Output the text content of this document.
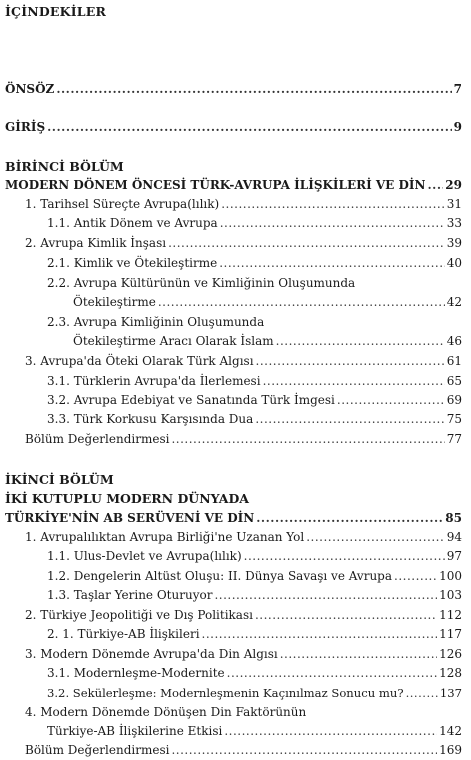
İÇİNDEKİLER
ÖNSÖZ .....	7
GİRİŞ .....	9
BİRİNCİ BÖLÜM
MODERN DÖNEM ÖNCESİ TÜRK-AVRUPA İLİŞKİLERİ VE DİN ..... 29
1. Tarihsel Süreçte Avrupa(lılık) .....	31
1.1. Antik Dönem ve Avrupa .....	33
2. Avrupa Kimlik İnşası .....	39
2.1. Kimlik ve Ötekileştirme .....	40
2.2. Avrupa Kültürünün ve Kimliğinin Oluşumunda
Ötekileştirme .....	42
2.3. Avrupa Kimliğinin Oluşumunda
Ötekileştirme Aracı Olarak İslam .....	46
3. Avrupa'da Öteki Olarak Türk Algısı .....	61
3.1. Türklerin Avrupa'da İlerlemesi .....	65
3.2. Avrupa Edebiyat ve Sanatında Türk İmgesi .....	69
3.3. Türk Korkusu Karşısında Dua .....	75
Bölüm Değerlendirmesi .....	77
İKİNCİ BÖLÜM
İKİ KUTUPLU MODERN DÜNYADA
TÜRKİYE'NİN AB SERÜVENİ VE DİN .....	85
1. Avrupalılıktan Avrupa Birliği'ne Uzanan Yol .....	94
1.1. Ulus-Devlet ve Avrupa(lılık) .....	97
1.2. Dengelerin Altüst Oluşu: II. Dünya Savaşı ve Avrupa .....	100
1.3. Taşlar Yerine Oturuyor .....	103
2. Türkiye Jeopolitiği ve Dış Politikası .....	112
2. 1. Türkiye-AB İlişkileri .....	117
3. Modern Dönemde Avrupa'da Din Algısı .....	126
3.1. Modernleşme-Modernite .....	128
3.2. Sekülerleşme: Modernleşmenin Kaçınılmaz Sonucu mu? .....	137
4. Modern Dönemde Dönüşen Din Faktörünün
Türkiye-AB İlişkilerine Etkisi .....	142
Bölüm Değerlendirmesi .....	169
